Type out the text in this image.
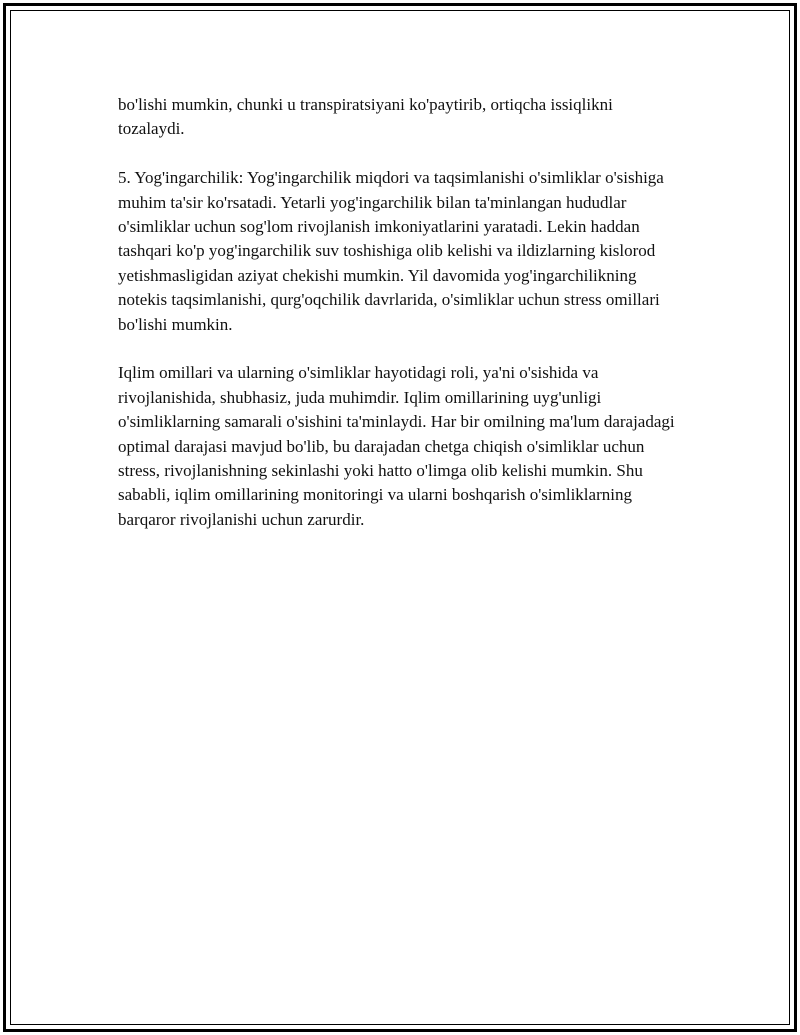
bo'lishi mumkin, chunki u transpiratsiyani ko'paytirib, ortiqcha issiqlikni tozalaydi.

5. Yog'ingarchilik: Yog'ingarchilik miqdori va taqsimlanishi o'simliklar o'sishiga muhim ta'sir ko'rsatadi. Yetarli yog'ingarchilik bilan ta'minlangan hududlar o'simliklar uchun sog'lom rivojlanish imkoniyatlarini yaratadi. Lekin haddan tashqari ko'p yog'ingarchilik suv toshishiga olib kelishi va ildizlarning kislorod yetishmasligidan aziyat chekishi mumkin. Yil davomida yog'ingarchilikning notekis taqsimlanishi, qurg'oqchilik davrlarida, o'simliklar uchun stress omillari bo'lishi mumkin.

Iqlim omillari va ularning o'simliklar hayotidagi roli, ya'ni o'sishida va rivojlanishida, shubhasiz, juda muhimdir. Iqlim omillarining uyg'unligi o'simliklarning samarali o'sishini ta'minlaydi. Har bir omilning ma'lum darajadagi optimal darajasi mavjud bo'lib, bu darajadan chetga chiqish o'simliklar uchun stress, rivojlanishning sekinlashi yoki hatto o'limga olib kelishi mumkin. Shu sababli, iqlim omillarining monitoringi va ularni boshqarish o'simliklarning barqaror rivojlanishi uchun zarurdir.
